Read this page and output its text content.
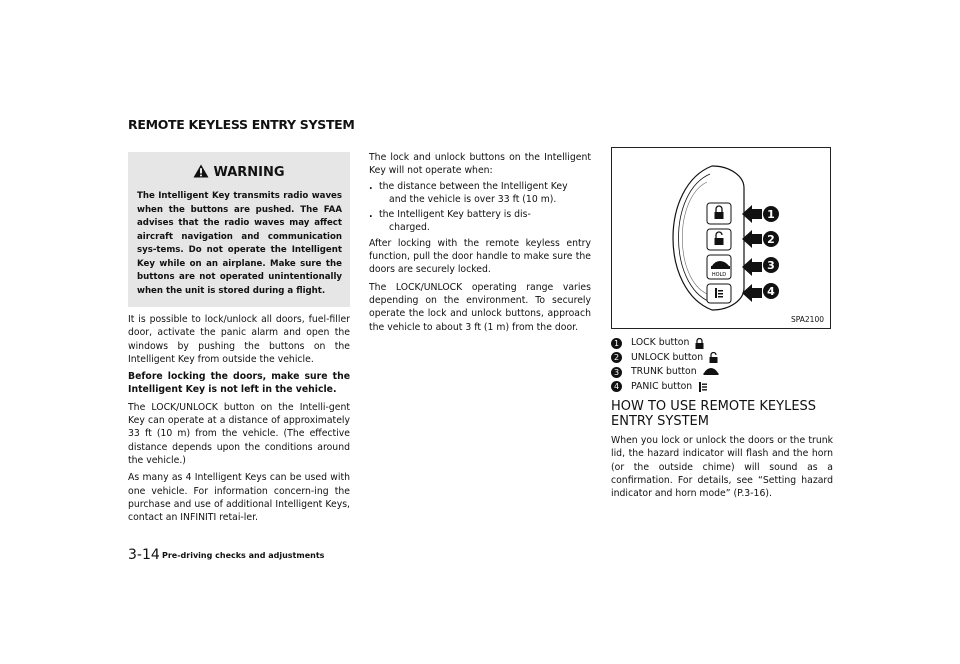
REMOTE KEYLESS ENTRY SYSTEM
WARNING
The Intelligent Key transmits radio waves when the buttons are pushed. The FAA advises that the radio waves may affect aircraft navigation and communication sys-tems. Do not operate the Intelligent Key while on an airplane. Make sure the buttons are not operated unintentionally when the unit is stored during a flight.

It is possible to lock/unlock all doors, fuel-filler door, activate the panic alarm and open the windows by pushing the buttons on the Intelligent Key from outside the vehicle.

Before locking the doors, make sure the Intelligent Key is not left in the vehicle.

The LOCK/UNLOCK button on the Intelli-gent Key can operate at a distance of approximately 33 ft (10 m) from the vehicle. (The effective distance depends upon the conditions around the vehicle.)

As many as 4 Intelligent Keys can be used with one vehicle. For information concern-ing the purchase and use of additional Intelligent Keys, contact an INFINITI retai-ler.

The lock and unlock buttons on the Intelligent Key will not operate when:

. the distance between the Intelligent Key
and the vehicle is over 33 ft (10 m).
. the Intelligent Key battery is dis-
charged.

After locking with the remote keyless entry function, pull the door handle to make sure the doors are securely locked.

The LOCK/UNLOCK operating range varies depending on the environment. To securely operate the lock and unlock buttons, approach the vehicle to about 3 ft (1 m) from the door.

HOLD
1
2
3
4
SPA2100
1	LOCK button
2	UNLOCK button
3	TRUNK button
4	PANIC button
HOW TO USE REMOTE KEYLESS ENTRY SYSTEM

When you lock or unlock the doors or the trunk lid, the hazard indicator will flash and the horn (or the outside chime) will sound as a confirmation. For details, see “Setting hazard indicator and horn mode” (P.3-16).

3-14 Pre-driving checks and adjustments
